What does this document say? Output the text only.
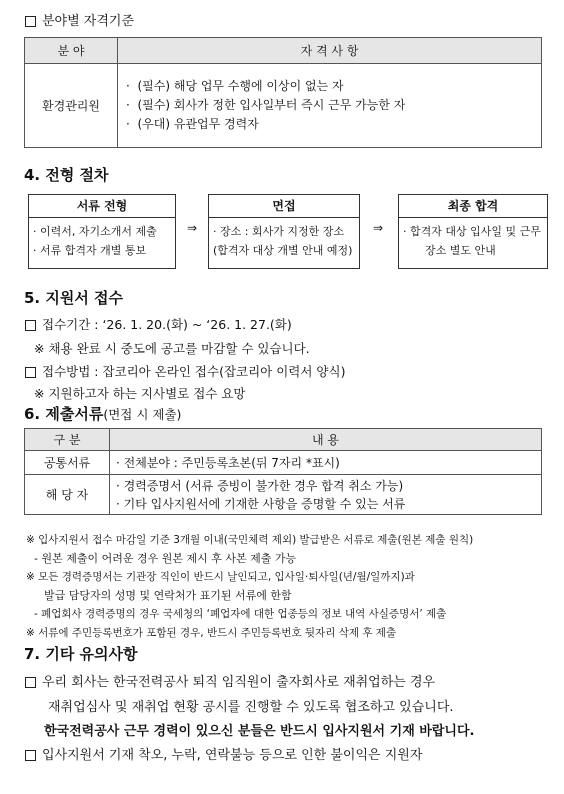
분야별 자격기준
분 야	자 격 사 항
환경관리원	·  (필수) 해당 업무 수행에 이상이 없는 자
·  (필수) 회사가 정한 입사일부터 즉시 근무 가능한 자
·  (우대) 유관업무 경력자
4. 전형 절차
서류 전형
· 이력서, 자기소개서 제출
· 서류 합격자 개별 통보
⇒
면접
· 장소 : 회사가 지정한 장소
(합격자 대상 개별 안내 예정)
⇒
최종 합격
· 합격자 대상 입사일 및 근무
장소 별도 안내
5. 지원서 접수
접수기간 : ‘26. 1. 20.(화) ~ ‘26. 1. 27.(화)
※ 채용 완료 시 중도에 공고를 마감할 수 있습니다.
접수방법 : 잡코리아 온라인 접수(잡코리아 이력서 양식)
※ 지원하고자 하는 지사별로 접수 요망
6. 제출서류(면접 시 제출)
구 분	내 용
공통서류	· 전체분야 : 주민등록초본(뒤 7자리 *표시)
해 당 자	· 경력증명서 (서류 증빙이 불가한 경우 합격 취소 가능)
· 기타 입사지원서에 기재한 사항을 증명할 수 있는 서류
※ 입사지원서 접수 마감일 기준 3개월 이내(국민체력 제외) 발급받은 서류로 제출(원본 제출 원칙)
- 원본 제출이 어려운 경우 원본 제시 후 사본 제출 가능
※ 모든 경력증명서는 기관장 직인이 반드시 날인되고, 입사일·퇴사일(년/월/일까지)과
발급 담당자의 성명 및 연락처가 표기된 서류에 한함
- 폐업회사 경력증명의 경우 국세청의 ‘폐업자에 대한 업종등의 정보 내역 사실증명서’ 제출
※ 서류에 주민등록번호가 포함된 경우, 반드시 주민등록번호 뒷자리 삭제 후 제출
7. 기타 유의사항
우리 회사는 한국전력공사 퇴직 임직원이 출자회사로 재취업하는 경우
재취업심사 및 재취업 현황 공시를 진행할 수 있도록 협조하고 있습니다.
한국전력공사 근무 경력이 있으신 분들은 반드시 입사지원서 기재 바랍니다.
입사지원서 기재 착오, 누락, 연락불능 등으로 인한 불이익은 지원자
